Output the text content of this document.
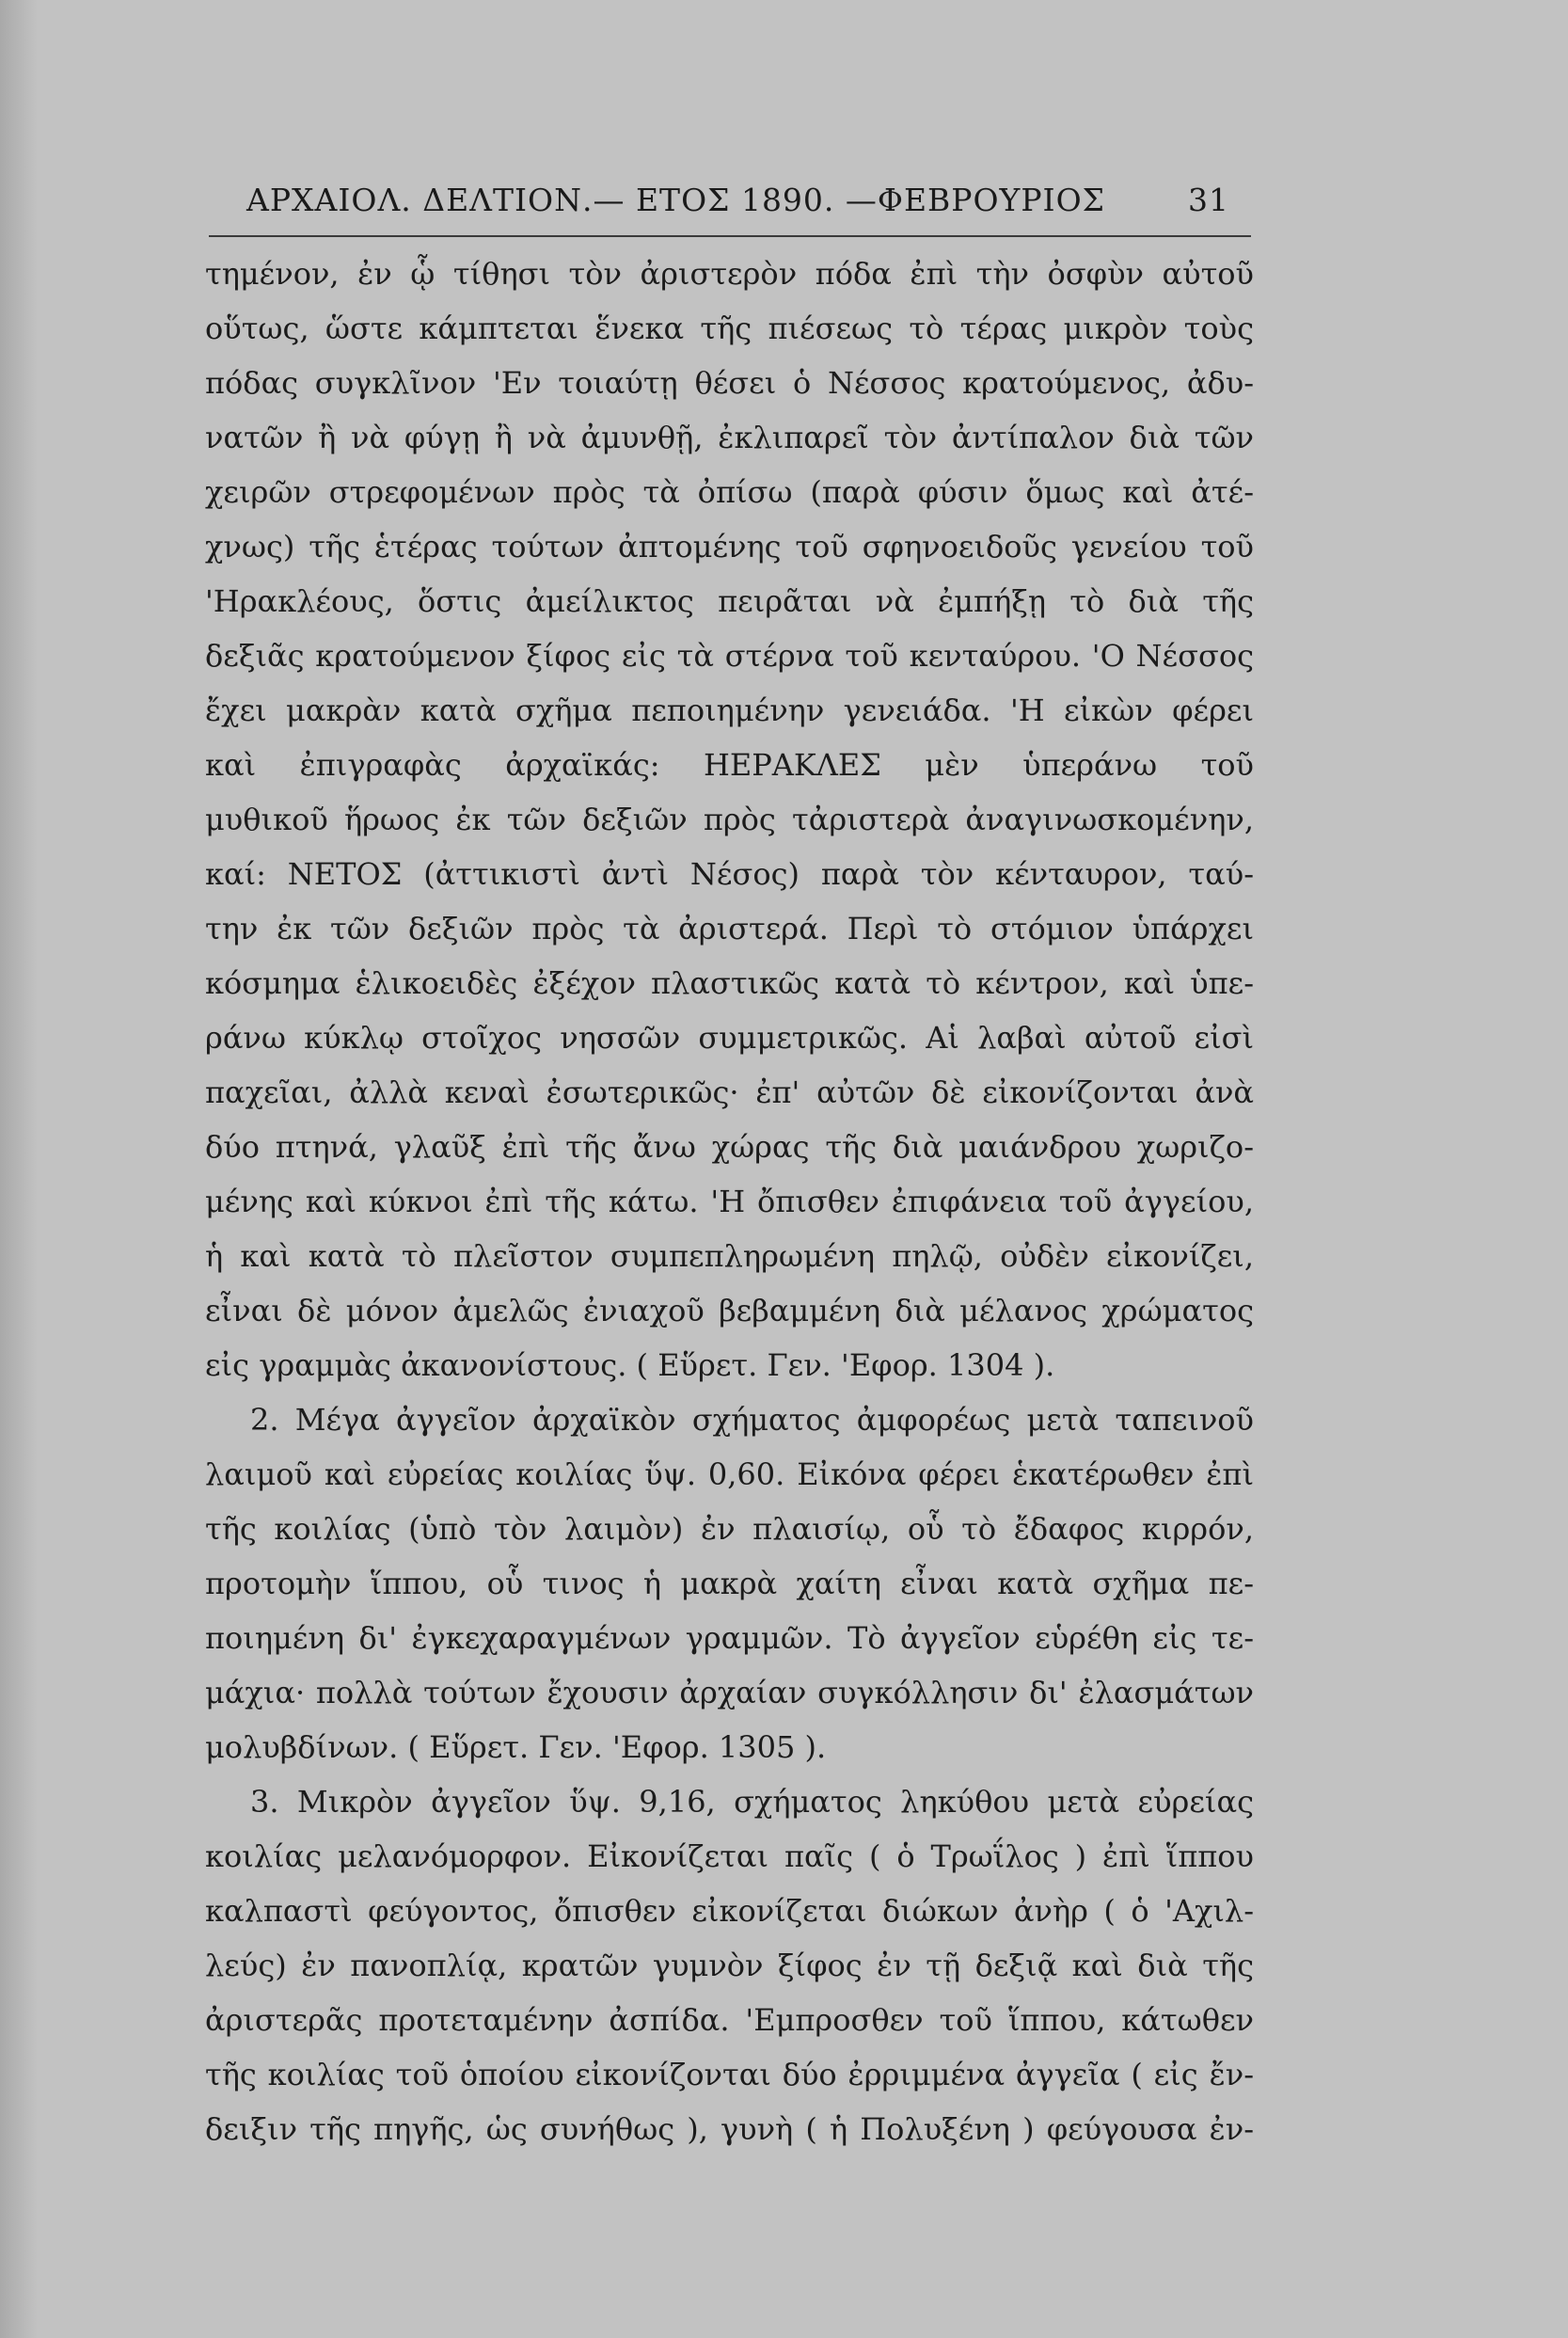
ΑΡΧΑΙΟΛ. ΔΕΛΤΙΟΝ.— ΕΤΟΣ 1890. —ΦΕΒΡΟΥΡΙΟΣ	31
τημένον, ἐν ᾧ τίθησι τὸν ἀριστερὸν πόδα ἐπὶ τὴν ὀσφὺν αὐτοῦ
οὕτως, ὥστε κάμπτεται ἕνεκα τῆς πιέσεως τὸ τέρας μικρὸν τοὺς
πόδας συγκλῖνον 'Εν τοιαύτῃ θέσει ὁ Νέσσος κρατούμενος, ἀδυ-
νατῶν ἢ νὰ φύγῃ ἢ νὰ ἀμυνθῇ, ἐκλιπαρεῖ τὸν ἀντίπαλον διὰ τῶν
χειρῶν στρεφομένων πρὸς τὰ ὀπίσω (παρὰ φύσιν ὅμως καὶ ἀτέ-
χνως) τῆς ἑτέρας τούτων ἀπτομένης τοῦ σφηνοειδοῦς γενείου τοῦ
'Ηρακλέους, ὅστις ἀμείλικτος πειρᾶται νὰ ἐμπήξῃ τὸ διὰ τῆς
δεξιᾶς κρατούμενον ξίφος εἰς τὰ στέρνα τοῦ κενταύρου. 'Ο Νέσσος
ἔχει μακρὰν κατὰ σχῆμα πεποιημένην γενειάδα. 'Η εἰκὼν φέρει
καὶ ἐπιγραφὰς ἀρχαϊκάς: ΗΕΡΑΚΛΕΣ μὲν ὑπεράνω τοῦ
μυθικοῦ ἥρωος ἐκ τῶν δεξιῶν πρὸς τἀριστερὰ ἀναγινωσκομένην,
καί: ΝΕΤΟΣ (ἀττικιστὶ ἀντὶ Νέσος) παρὰ τὸν κένταυρον, ταύ-
την ἐκ τῶν δεξιῶν πρὸς τὰ ἀριστερά. Περὶ τὸ στόμιον ὑπάρχει
κόσμημα ἑλικοειδὲς ἐξέχον πλαστικῶς κατὰ τὸ κέντρον, καὶ ὑπε-
ράνω κύκλῳ στοῖχος νησσῶν συμμετρικῶς. Αἱ λαβαὶ αὐτοῦ εἰσὶ
παχεῖαι, ἀλλὰ κεναὶ ἐσωτερικῶς· ἐπ' αὐτῶν δὲ εἰκονίζονται ἀνὰ
δύο πτηνά, γλαῦξ ἐπὶ τῆς ἄνω χώρας τῆς διὰ μαιάνδρου χωριζο-
μένης καὶ κύκνοι ἐπὶ τῆς κάτω. 'Η ὄπισθεν ἐπιφάνεια τοῦ ἀγγείου,
ἡ καὶ κατὰ τὸ πλεῖστον συμπεπληρωμένη πηλῷ, οὐδὲν εἰκονίζει,
εἶναι δὲ μόνον ἀμελῶς ἐνιαχοῦ βεβαμμένη διὰ μέλανος χρώματος
εἰς γραμμὰς ἀκανονίστους. ( Εὕρετ. Γεν. 'Εφορ. 1304 ).
2. Μέγα ἀγγεῖον ἀρχαϊκὸν σχήματος ἀμφορέως μετὰ ταπεινοῦ
λαιμοῦ καὶ εὐρείας κοιλίας ὕψ. 0,60. Εἰκόνα φέρει ἑκατέρωθεν ἐπὶ
τῆς κοιλίας (ὑπὸ τὸν λαιμὸν) ἐν πλαισίῳ, οὗ τὸ ἔδαφος κιρρόν,
προτομὴν ἵππου, οὗ τινος ἡ μακρὰ χαίτη εἶναι κατὰ σχῆμα πε-
ποιημένη δι' ἐγκεχαραγμένων γραμμῶν. Τὸ ἀγγεῖον εὑρέθη εἰς τε-
μάχια· πολλὰ τούτων ἔχουσιν ἀρχαίαν συγκόλλησιν δι' ἐλασμάτων
μολυβδίνων. ( Εὕρετ. Γεν. 'Εφορ. 1305 ).
3. Μικρὸν ἀγγεῖον ὕψ. 9,16, σχήματος ληκύθου μετὰ εὐρείας
κοιλίας μελανόμορφον. Εἰκονίζεται παῖς ( ὁ Τρωΐλος ) ἐπὶ ἵππου
καλπαστὶ φεύγοντος, ὄπισθεν εἰκονίζεται διώκων ἀνὴρ ( ὁ 'Αχιλ-
λεύς) ἐν πανοπλίᾳ, κρατῶν γυμνὸν ξίφος ἐν τῇ δεξιᾷ καὶ διὰ τῆς
ἀριστερᾶς προτεταμένην ἀσπίδα. 'Εμπροσθεν τοῦ ἵππου, κάτωθεν
τῆς κοιλίας τοῦ ὁποίου εἰκονίζονται δύο ἐρριμμένα ἀγγεῖα ( εἰς ἔν-
δειξιν τῆς πηγῆς, ὡς συνήθως ), γυνὴ ( ἡ Πολυξένη ) φεύγουσα ἐν-
